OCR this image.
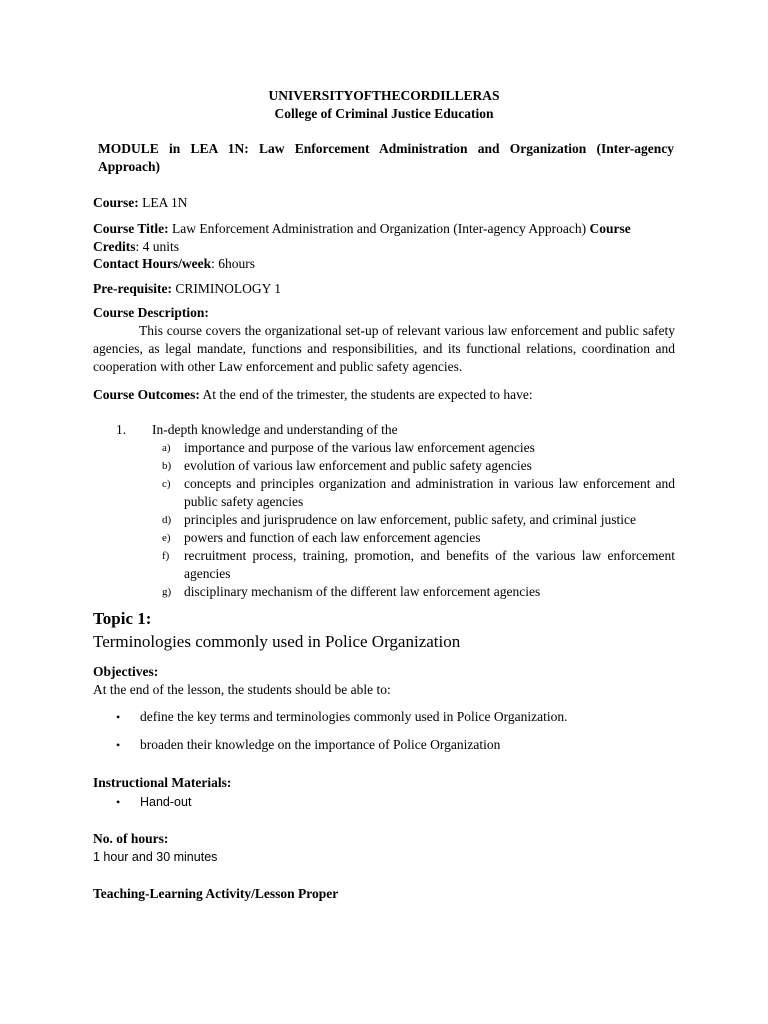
UNIVERSITYOFTHECORDILLERAS
College of Criminal Justice Education
MODULE in LEA 1N: Law Enforcement Administration and Organization (Inter-agency Approach)
Course: LEA 1N
Course Title: Law Enforcement Administration and Organization (Inter-agency Approach) Course
Credits: 4 units
Contact Hours/week: 6hours
Pre-requisite: CRIMINOLOGY 1
Course Description:
This course covers the organizational set-up of relevant various law enforcement and public safety agencies, as legal mandate, functions and responsibilities, and its functional relations, coordination and cooperation with other Law enforcement and public safety agencies.
Course Outcomes: At the end of the trimester, the students are expected to have:
1. In-depth knowledge and understanding of the
a) importance and purpose of the various law enforcement agencies
b) evolution of various law enforcement and public safety agencies
c) concepts and principles organization and administration in various law enforcement and public safety agencies
d) principles and jurisprudence on law enforcement, public safety, and criminal justice
e) powers and function of each law enforcement agencies
f)	recruitment process, training, promotion, and benefits of the various law enforcement agencies
g) disciplinary mechanism of the different law enforcement agencies
Topic 1:
Terminologies commonly used in Police Organization
Objectives:
At the end of the lesson, the students should be able to:
•	define the key terms and terminologies commonly used in Police Organization.
•	broaden their knowledge on the importance of Police Organization
Instructional Materials:
•	Hand-out
No. of hours:
1 hour and 30 minutes
Teaching-Learning Activity/Lesson Proper
